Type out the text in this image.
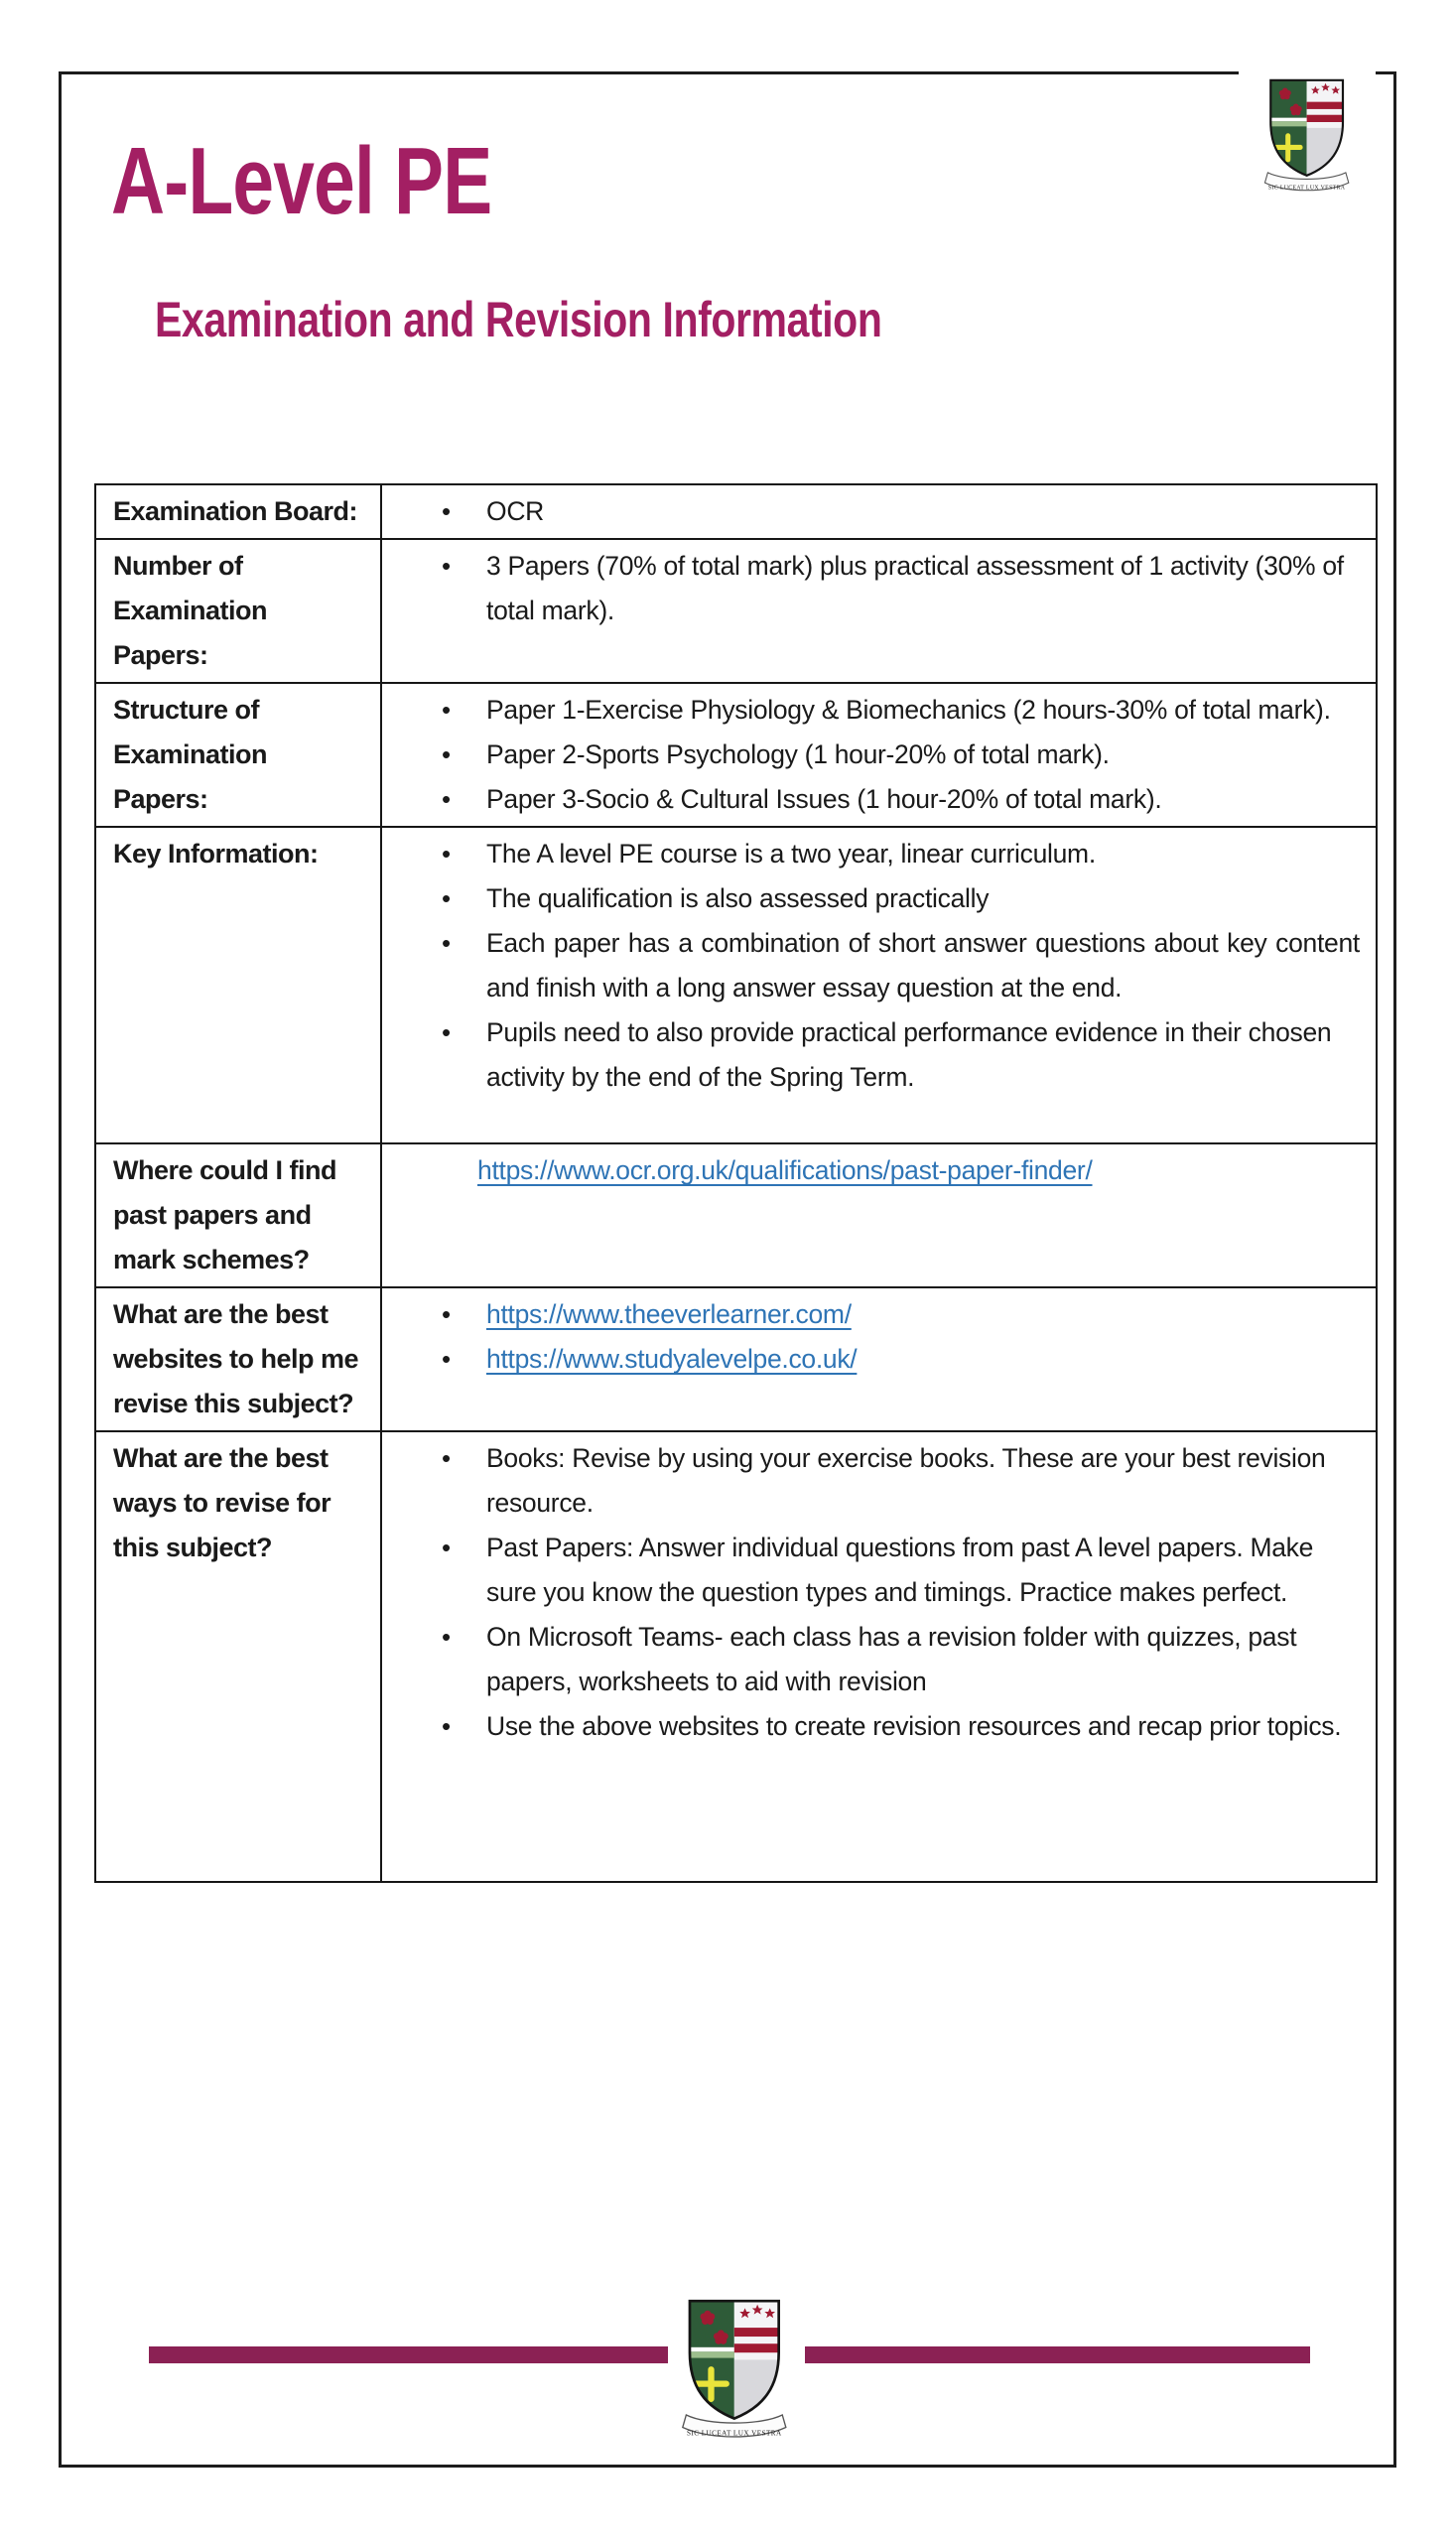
A-Level PE
Examination and Revision Information
Examination Board:	• OCR
Number of Examination Papers:
• 3 Papers (70% of total mark) plus practical assessment of 1 activity (30% of total mark).
Structure of Examination Papers:
• Paper 1-Exercise Physiology & Biomechanics (2 hours-30% of total mark).
• Paper 2-Sports Psychology (1 hour-20% of total mark).
• Paper 3-Socio & Cultural Issues (1 hour-20% of total mark).
Key Information:	• The A level PE course is a two year, linear curriculum.
• The qualification is also assessed practically
• Each paper has a combination of short answer questions about key content and finish with a long answer essay question at the end.
• Pupils need to also provide practical performance evidence in their chosen activity by the end of the Spring Term.
Where could I find past papers and mark schemes?
https://www.ocr.org.uk/qualifications/past-paper-finder/
What are the best websites to help me revise this subject?
• https://www.theeverlearner.com/
• https://www.studyalevelpe.co.uk/
What are the best ways to revise for this subject?
• Books: Revise by using your exercise books. These are your best revision resource.
• Past Papers: Answer individual questions from past A level papers. Make sure you know the question types and timings. Practice makes perfect.
• On Microsoft Teams- each class has a revision folder with quizzes, past papers, worksheets to aid with revision
• Use the above websites to create revision resources and recap prior topics.
